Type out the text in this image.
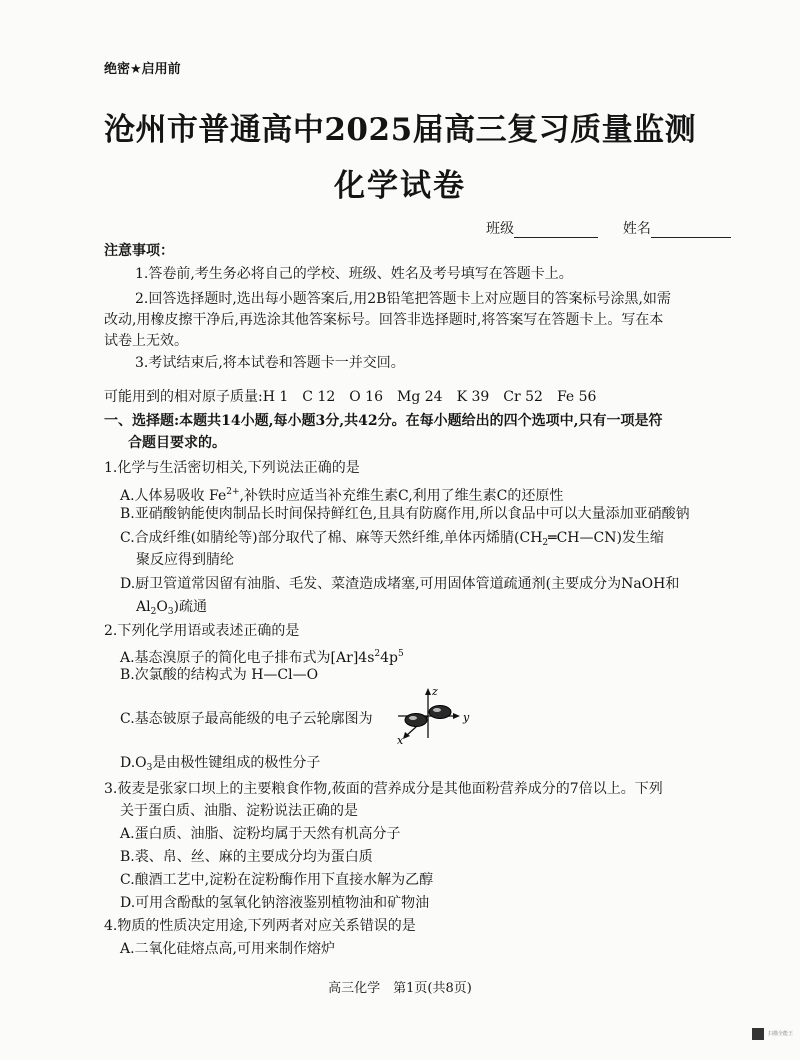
绝密★启用前
沧州市普通高中2025届高三复习质量监测
化学试卷
班级	姓名
注意事项：
1.答卷前,考生务必将自己的学校、班级、姓名及考号填写在答题卡上。
2.回答选择题时,选出每小题答案后,用2B铅笔把答题卡上对应题目的答案标号涂黑,如需
改动,用橡皮擦干净后,再选涂其他答案标号。回答非选择题时,将答案写在答题卡上。写在本
试卷上无效。
3.考试结束后,将本试卷和答题卡一并交回。
可能用到的相对原子质量:H 1　C 12　O 16　Mg 24　K 39　Cr 52　Fe 56
一、选择题:本题共14小题,每小题3分,共42分。在每小题给出的四个选项中,只有一项是符
合题目要求的。
1.化学与生活密切相关,下列说法正确的是
A.人体易吸收 $Fe^{2+}$,补铁时应适当补充维生素C,利用了维生素C的还原性
B.亚硝酸钠能使肉制品长时间保持鲜红色,且具有防腐作用,所以食品中可以大量添加亚硝酸钠
C.合成纤维(如腈纶等)部分取代了棉、麻等天然纤维,单体丙烯腈$(CH_2═CH—CN)$发生缩
聚反应得到腈纶
D.厨卫管道常因留有油脂、毛发、菜渣造成堵塞,可用固体管道疏通剂(主要成分为NaOH和
$Al_2O_3$)疏通
2.下列化学用语或表述正确的是
A.基态溴原子的简化电子排布式为$[Ar]4s^24p^5$
B.次氯酸的结构式为 H—Cl—O
C.基态铍原子最高能级的电子云轮廓图为
z
y
x
$D.O_3$是由极性键组成的极性分子
3.莜麦是张家口坝上的主要粮食作物,莜面的营养成分是其他面粉营养成分的7倍以上。下列
关于蛋白质、油脂、淀粉说法正确的是
A.蛋白质、油脂、淀粉均属于天然有机高分子
B.裘、帛、丝、麻的主要成分均为蛋白质
C.酿酒工艺中,淀粉在淀粉酶作用下直接水解为乙醇
D.可用含酚酞的氢氧化钠溶液鉴别植物油和矿物油
4.物质的性质决定用途,下列两者对应关系错误的是
A.二氧化硅熔点高,可用来制作熔炉
高三化学　第1页(共8页)
扫描全能王
